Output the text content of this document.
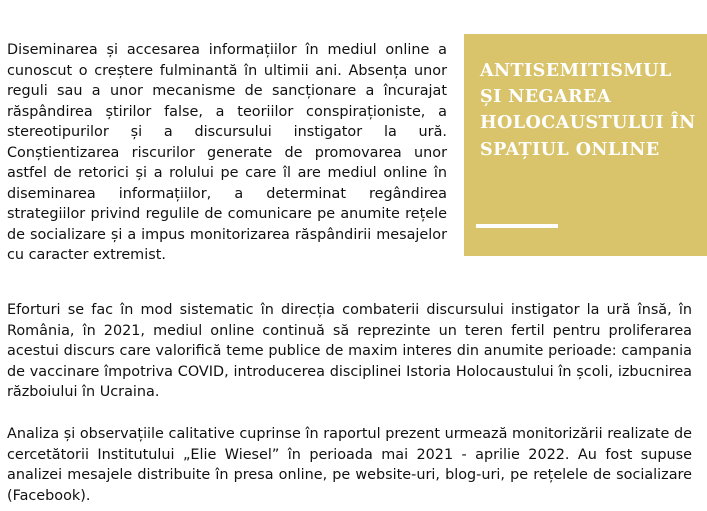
Diseminarea și accesarea informațiilor în mediul online a cunoscut o creștere fulminantă în ultimii ani. Absența unor reguli sau a unor mecanisme de sancționare a încurajat răspândirea știrilor false, a teoriilor conspiraționiste, a stereotipurilor și a discursului instigator la ură. Conștientizarea riscurilor generate de promovarea unor astfel de retorici și a rolului pe care îl are mediul online în diseminarea informațiilor, a determinat regândirea strategiilor privind regulile de comunicare pe anumite rețele de socializare și a impus monitorizarea răspândirii mesajelor cu caracter extremist.

ANTISEMITISMUL ȘI NEGAREA HOLOCAUSTULUI ÎN SPAȚIUL ONLINE

Eforturi se fac în mod sistematic în direcția combaterii discursului instigator la ură însă, în România, în 2021, mediul online continuă să reprezinte un teren fertil pentru proliferarea acestui discurs care valorifică teme publice de maxim interes din anumite perioade: campania de vaccinare împotriva COVID, introducerea disciplinei Istoria Holocaustului în școli, izbucnirea războiului în Ucraina.

Analiza și observațiile calitative cuprinse în raportul prezent urmează monitorizării realizate de cercetătorii Institutului „Elie Wiesel” în perioada mai 2021 - aprilie 2022. Au fost supuse analizei mesajele distribuite în presa online, pe website-uri, blog-uri, pe rețelele de socializare (Facebook).
